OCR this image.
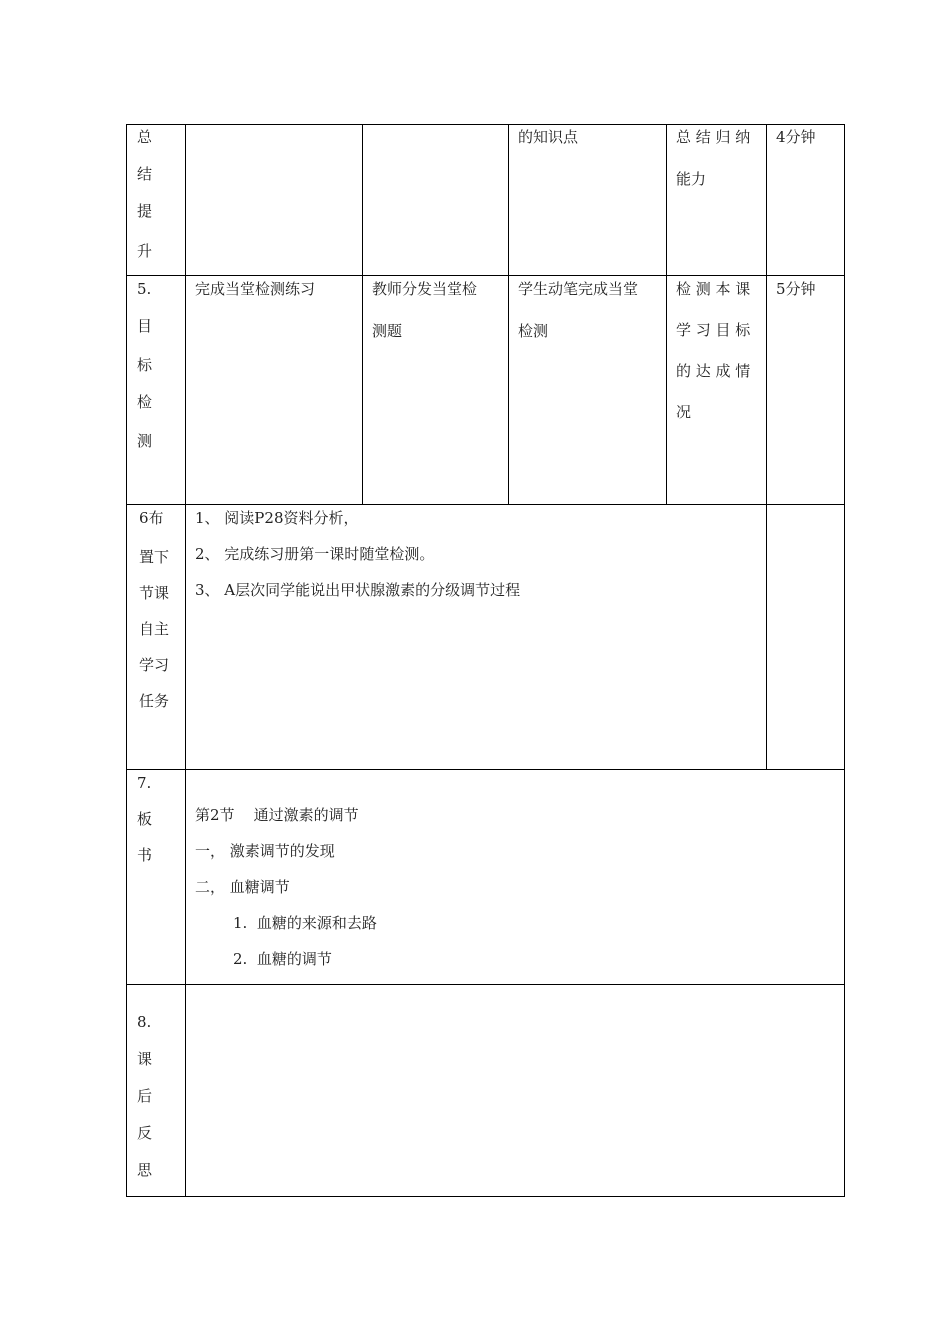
总
结
提
升
的知识点	总 结 归 纳
能力
4分钟
5.
目
标
检
测
完成当堂检测练习	教师分发当堂检
测题
学生动笔完成当堂
检测
检 测 本 课
学 习 目 标
的 达 成 情
况
5分钟
6布
置下
节课
自主
学习
任务
1、 阅读P28资料分析，
2、 完成练习册第一课时随堂检测。
3、 A层次同学能说出甲状腺激素的分级调节过程
7.
板
书
第2节    通过激素的调节
一， 激素调节的发现
二， 血糖调节
1.  血糖的来源和去路
2.  血糖的调节
8.
课
后
反
思
